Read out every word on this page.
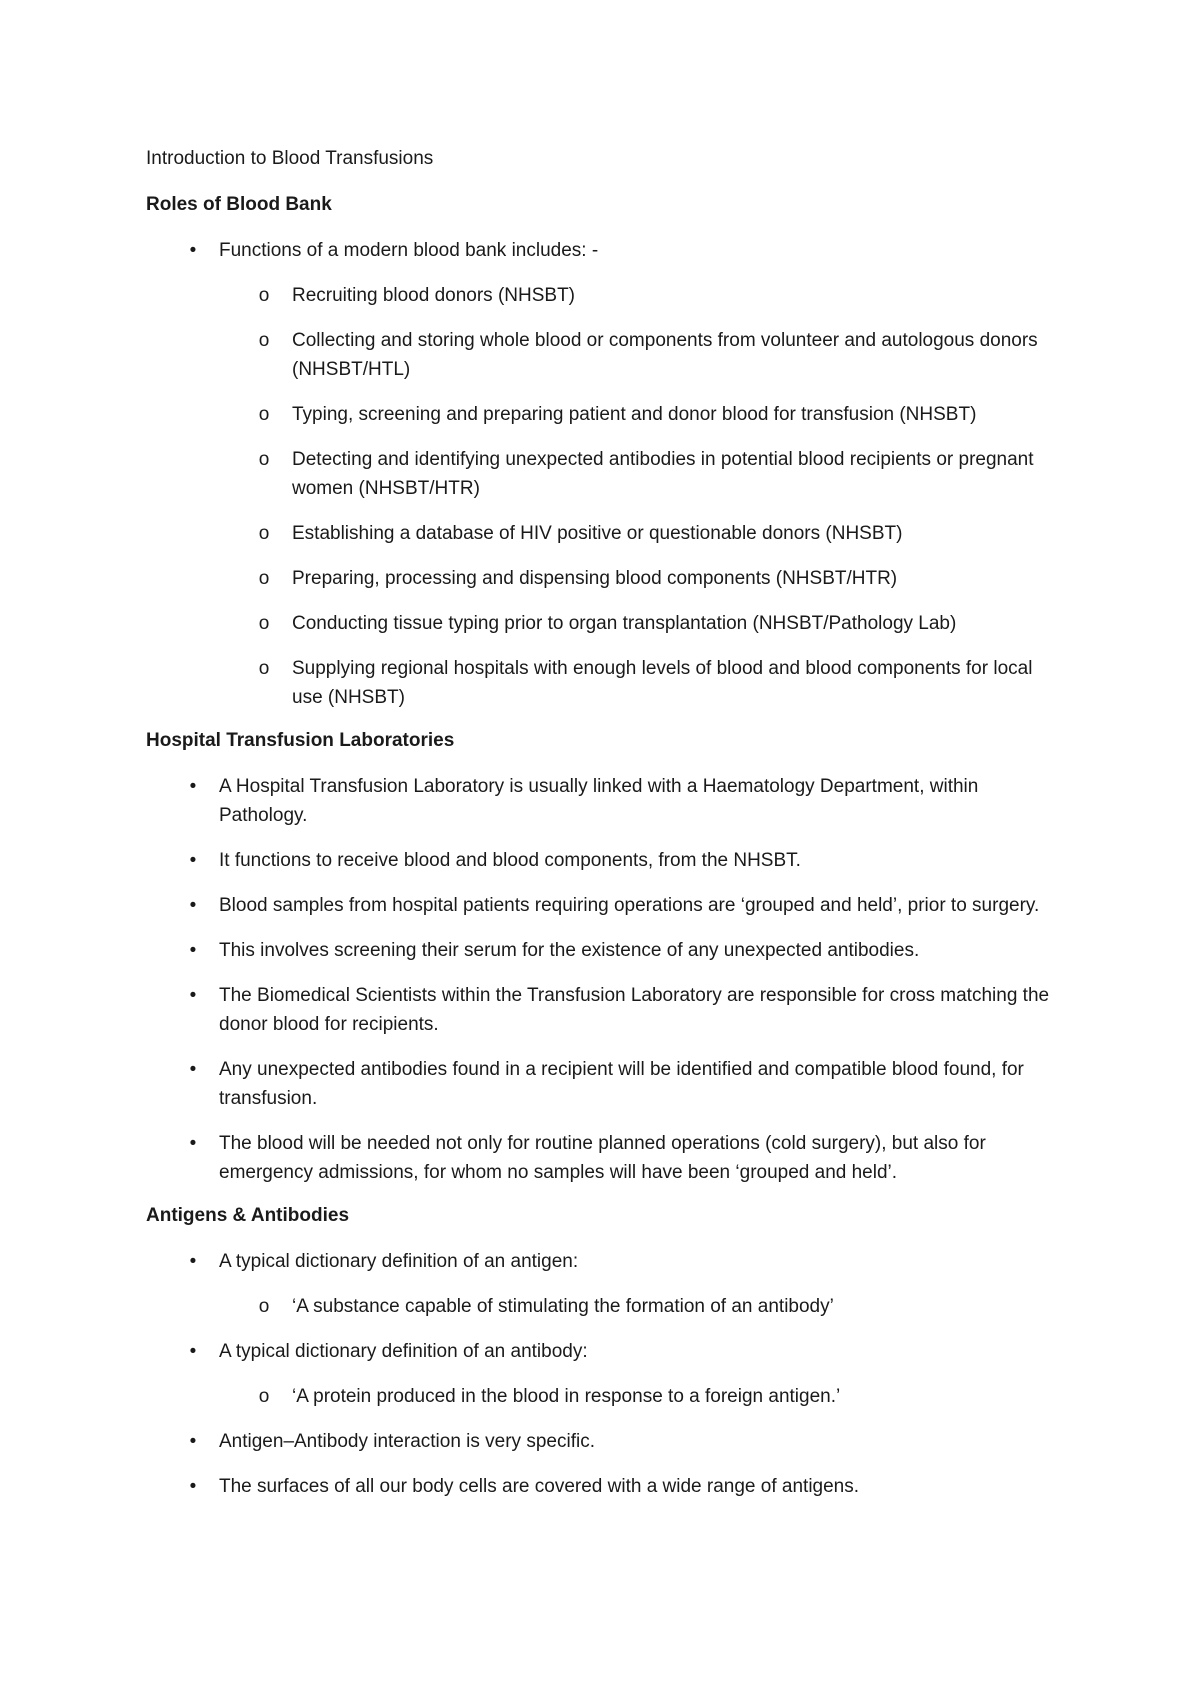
Introduction to Blood Transfusions
Roles of Blood Bank
• Functions of a modern blood bank includes: -
o Recruiting blood donors (NHSBT)
o Collecting and storing whole blood or components from volunteer and autologous donors (NHSBT/HTL)
o Typing, screening and preparing patient and donor blood for transfusion (NHSBT)
o Detecting and identifying unexpected antibodies in potential blood recipients or pregnant women (NHSBT/HTR)
o Establishing a database of HIV positive or questionable donors (NHSBT)
o Preparing, processing and dispensing blood components (NHSBT/HTR)
o Conducting tissue typing prior to organ transplantation (NHSBT/Pathology Lab)
o Supplying regional hospitals with enough levels of blood and blood components for local use (NHSBT)
Hospital Transfusion Laboratories
• A Hospital Transfusion Laboratory is usually linked with a Haematology Department, within Pathology.
• It functions to receive blood and blood components, from the NHSBT.
• Blood samples from hospital patients requiring operations are ‘grouped and held’, prior to surgery.
• This involves screening their serum for the existence of any unexpected antibodies.
• The Biomedical Scientists within the Transfusion Laboratory are responsible for cross matching the donor blood for recipients.
• Any unexpected antibodies found in a recipient will be identified and compatible blood found, for transfusion.
• The blood will be needed not only for routine planned operations (cold surgery), but also for emergency admissions, for whom no samples will have been ‘grouped and held’.
Antigens & Antibodies
• A typical dictionary definition of an antigen:
o ‘A substance capable of stimulating the formation of an antibody’
• A typical dictionary definition of an antibody:
o ‘A protein produced in the blood in response to a foreign antigen.’
• Antigen–Antibody interaction is very specific.
• The surfaces of all our body cells are covered with a wide range of antigens.
